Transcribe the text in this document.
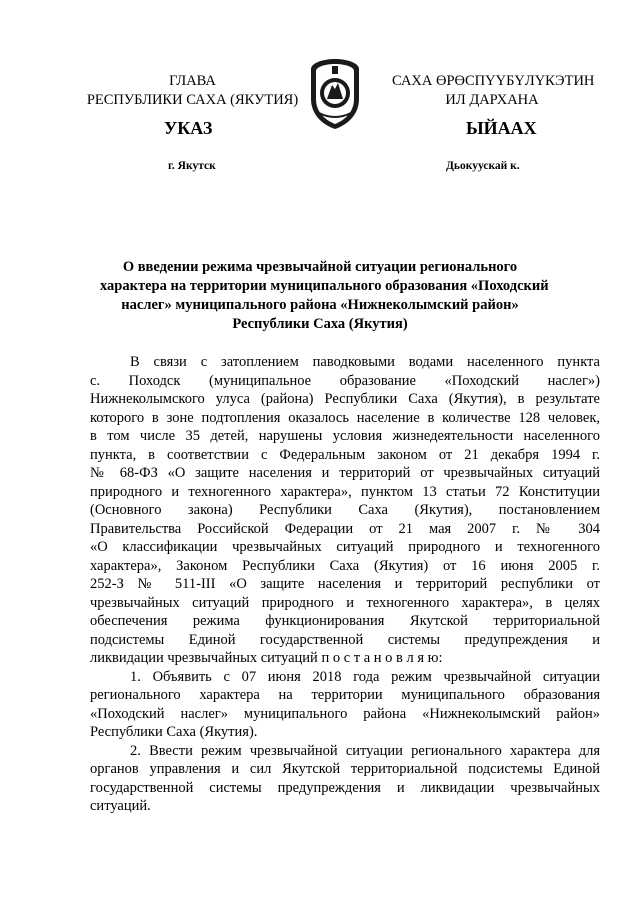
ГЛАВА
РЕСПУБЛИКИ САХА (ЯКУТИЯ)
САХА ӨРӨСПҮҮБҮЛҮКЭТИН
ИЛ ДАРХАНА
УКАЗ	ЫЙААХ
г. Якутск	Дьокуускай к.
О введении режима чрезвычайной ситуации регионального
характера на территории муниципального образования «Походский
наслег» муниципального района «Нижнеколымский район»
Республики Саха (Якутия)

В связи с затоплением паводковыми водами населенного пункта
с. Походск (муниципальное образование «Походский наслег»)
Нижнеколымского улуса (района) Республики Саха (Якутия), в результате
которого в зоне подтопления оказалось население в количестве 128 человек,
в том числе 35 детей, нарушены условия жизнедеятельности населенного
пункта, в соответствии с Федеральным законом от 21 декабря 1994 г.
№ 68-ФЗ «О защите населения и территорий от чрезвычайных ситуаций
природного и техногенного характера», пунктом 13 статьи 72 Конституции
(Основного закона) Республики Саха (Якутия), постановлением
Правительства Российской Федерации от 21 мая 2007 г. № 304
«О классификации чрезвычайных ситуаций природного и техногенного
характера», Законом Республики Саха (Якутия) от 16 июня 2005 г.
252-З № 511-III «О защите населения и территорий республики от
чрезвычайных ситуаций природного и техногенного характера», в целях
обеспечения режима функционирования Якутской территориальной
подсистемы Единой государственной системы предупреждения и
ликвидации чрезвычайных ситуаций п о с т а н о в л я ю:

1. Объявить с 07 июня 2018 года режим чрезвычайной ситуации
регионального характера на территории муниципального образования
«Походский наслег» муниципального района «Нижнеколымский район»
Республики Саха (Якутия).

2. Ввести режим чрезвычайной ситуации регионального характера для
органов управления и сил Якутской территориальной подсистемы Единой
государственной системы предупреждения и ликвидации чрезвычайных
ситуаций.
